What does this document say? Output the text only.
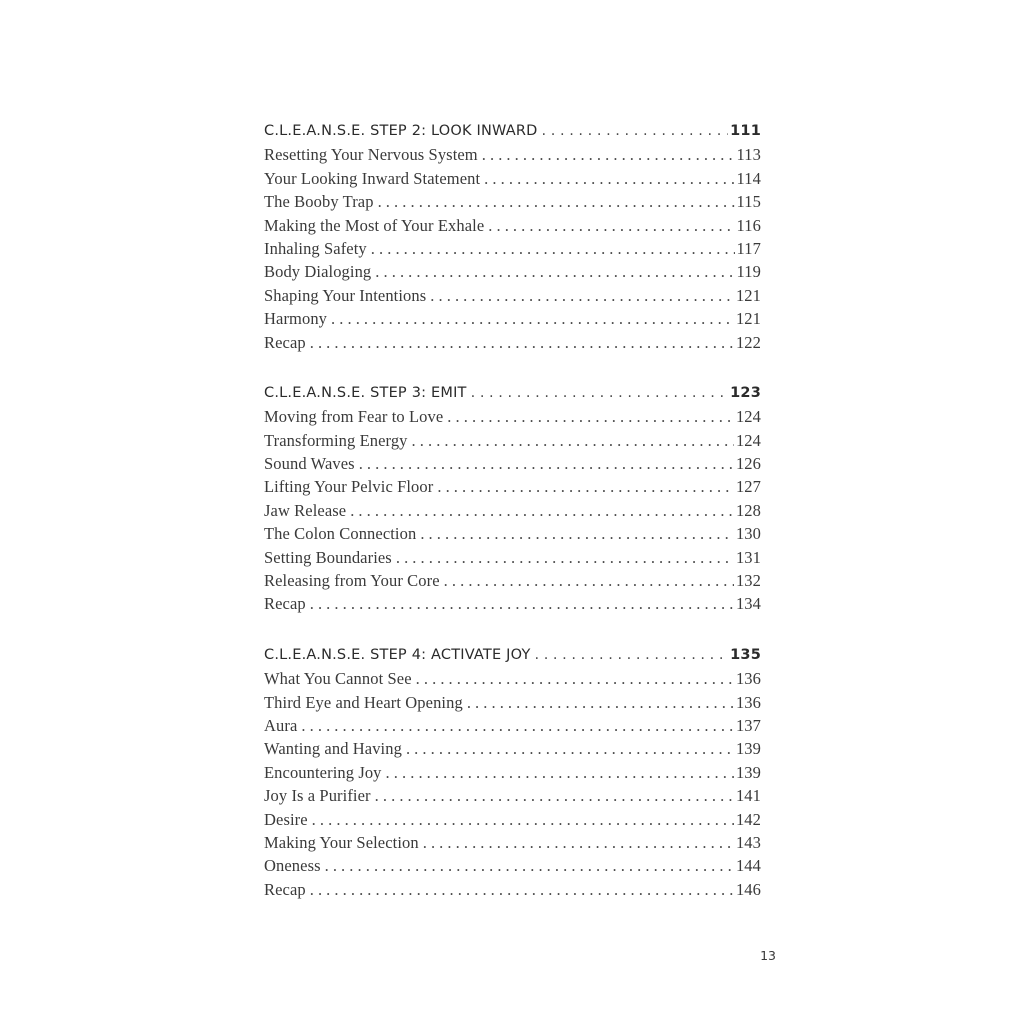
C.L.E.A.N.S.E. STEP 2: LOOK INWARD . . .	111
Resetting Your Nervous System .....	113
Your Looking Inward Statement .....	114
The Booby Trap .....	115
Making the Most of Your Exhale .....	116
Inhaling Safety .....	117
Body Dialoging .....	119
Shaping Your Intentions .....	121
Harmony .....	121
Recap .....	122
C.L.E.A.N.S.E. STEP 3: EMIT . . .	123
Moving from Fear to Love .....	124
Transforming Energy .....	124
Sound Waves .....	126
Lifting Your Pelvic Floor .....	127
Jaw Release .....	128
The Colon Connection .....	130
Setting Boundaries .....	131
Releasing from Your Core .....	132
Recap .....	134
C.L.E.A.N.S.E. STEP 4: ACTIVATE JOY . . .	135
What You Cannot See .....	136
Third Eye and Heart Opening .....	136
Aura .....	137
Wanting and Having .....	139
Encountering Joy .....	139
Joy Is a Purifier .....	141
Desire .....	142
Making Your Selection .....	143
Oneness .....	144
Recap .....	146
13
